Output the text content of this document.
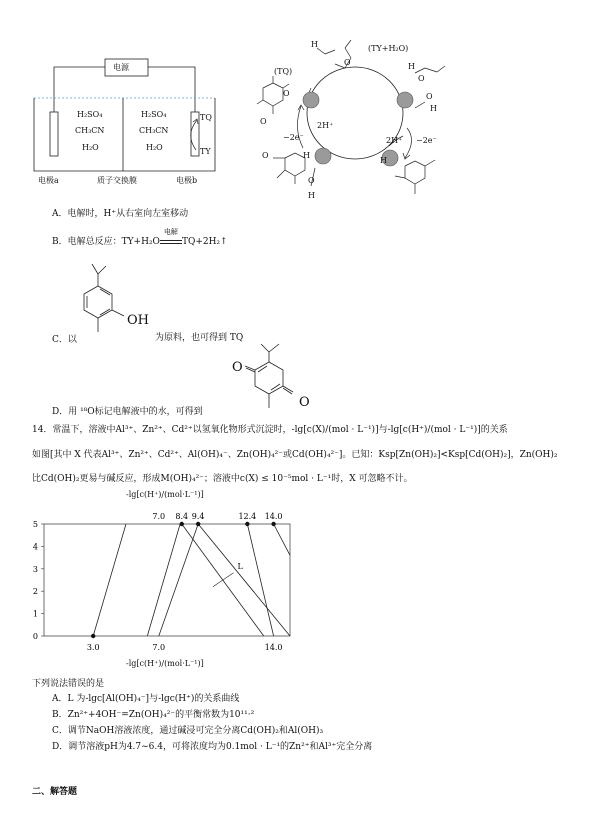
电源
H₂SO₄
CH₃CN
H₂O
H₂SO₄
CH₃CN
H₂O
TQ
TY
电极a	质子交换膜	电极b
(TQ)
(TY+H₂O)
−2e⁻
2H⁺
2H⁺ −2e⁻
H
O	H
O
O
H
O
O
O	H
O
H
H
A．电解时，H⁺从右室向左室移动
B．电解总反应：TY+H₂O
电解
TQ+2H₂↑
OH
C．以	为原料，也可得到 TQ
O
O
D．用 ¹⁸O标记电解液中的水，可得到
14．常温下，溶液中Al³⁺、Zn²⁺、Cd²⁺以氢氧化物形式沉淀时，-lg[c(X)/(mol · L⁻¹)]与-lg[c(H⁺)/(mol · L⁻¹)]的关系
如图[其中 X 代表Al³⁺、Zn²⁺、Cd²⁺、Al(OH)₄⁻、Zn(OH)₄²⁻或Cd(OH)₄²⁻]。已知：Ksp[Zn(OH)₂]<Ksp[Cd(OH)₂]，Zn(OH)₂
比Cd(OH)₂更易与碱反应，形成M(OH)₄²⁻；溶液中c(X) ≤ 10⁻⁵mol · L⁻¹时，X 可忽略不计。
-lg[c(H⁺)/(mol·L⁻¹)]
0
1
2
3
4
5
7.0 8.4 9.4	12.4 14.0
3.0	7.0	14.0
L
-lg[c(H⁺)/(mol·L⁻¹)]
下列说法错误的是
A．L 为-lgc[Al(OH)₄⁻]与-lgc(H⁺)的关系曲线
B．Zn²⁺+4OH⁻=Zn(OH)₄²⁻的平衡常数为10¹¹·²
C．调节NaOH溶液浓度，通过碱浸可完全分离Cd(OH)₂和Al(OH)₃
D．调节溶液pH为4.7~6.4，可将浓度均为0.1mol · L⁻¹的Zn²⁺和Al³⁺完全分离
二、解答题
